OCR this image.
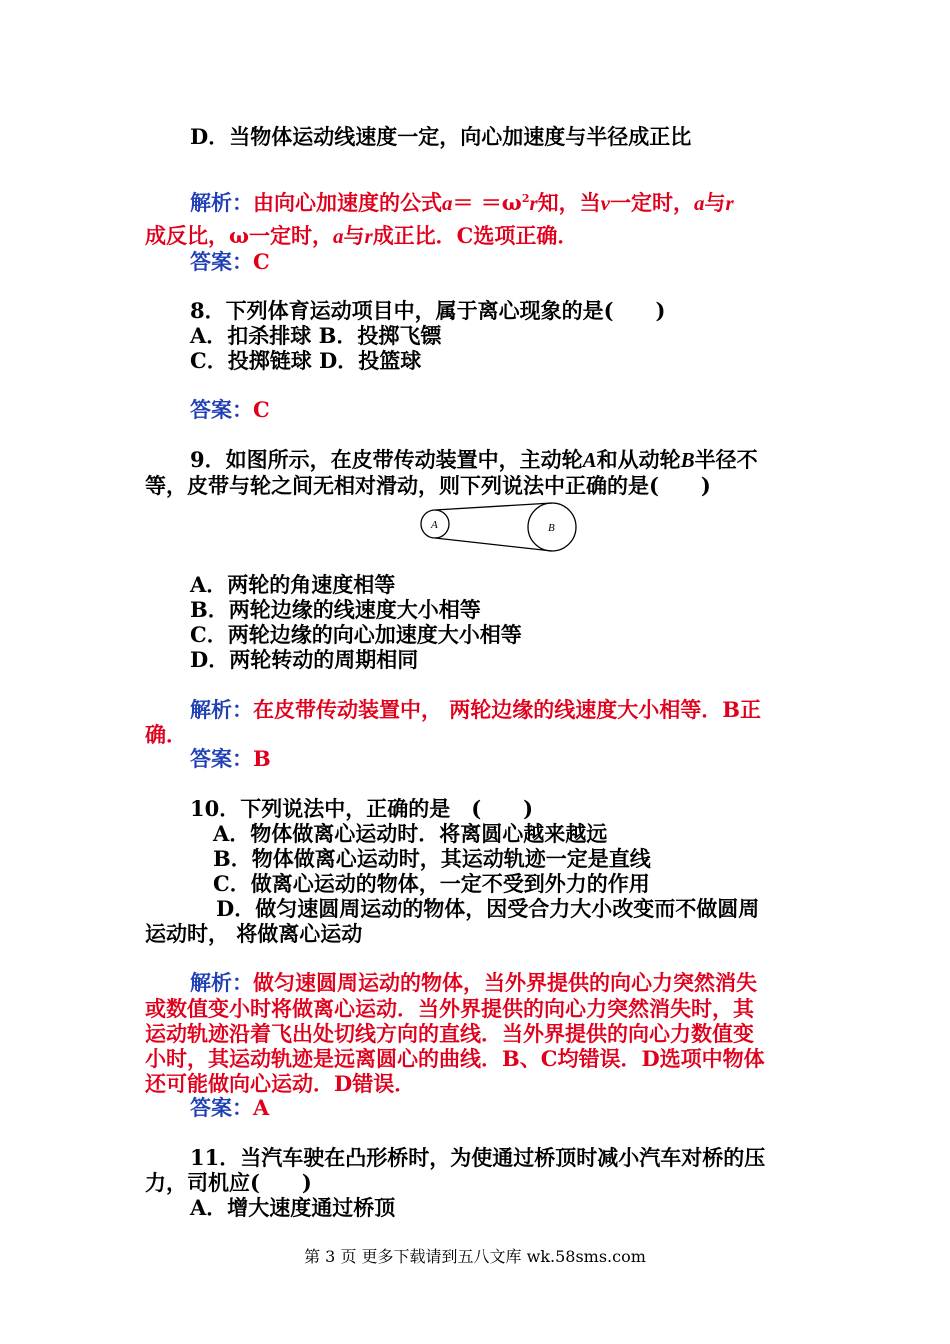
D．当物体运动线速度一定，向心加速度与半径成正比
解析：由向心加速度的公式$a= =\omega^2r$知，当v一定时，a与r
成反比，ω一定时，a与r成正比．C选项正确．
答案：C
8．下列体育运动项目中，属于离心现象的是(　　)
A．扣杀排球 B．投掷飞镖
C．投掷链球 D．投篮球
答案：C
9．如图所示，在皮带传动装置中，主动轮A和从动轮B半径不
等，皮带与轮之间无相对滑动，则下列说法中正确的是(　　)
A	B
A．两轮的角速度相等
B．两轮边缘的线速度大小相等
C．两轮边缘的向心加速度大小相等
D．两轮转动的周期相同
解析：在皮带传动装置中， 两轮边缘的线速度大小相等．B正
确．
答案：B
10．下列说法中，正确的是　(　　)
A．物体做离心运动时．将离圆心越来越远
B．物体做离心运动时，其运动轨迹一定是直线
C．做离心运动的物体，一定不受到外力的作用
D．做匀速圆周运动的物体，因受合力大小改变而不做圆周
运动时， 将做离心运动
解析：做匀速圆周运动的物体，当外界提供的向心力突然消失
或数值变小时将做离心运动．当外界提供的向心力突然消失时，其
运动轨迹沿着飞出处切线方向的直线．当外界提供的向心力数值变
小时，其运动轨迹是远离圆心的曲线．B、C均错误．D选项中物体
还可能做向心运动．D错误．
答案：A
11．当汽车驶在凸形桥时，为使通过桥顶时减小汽车对桥的压
力，司机应(　　)
A．增大速度通过桥顶
第 3 页 更多下载请到五八文库 wk.58sms.com
